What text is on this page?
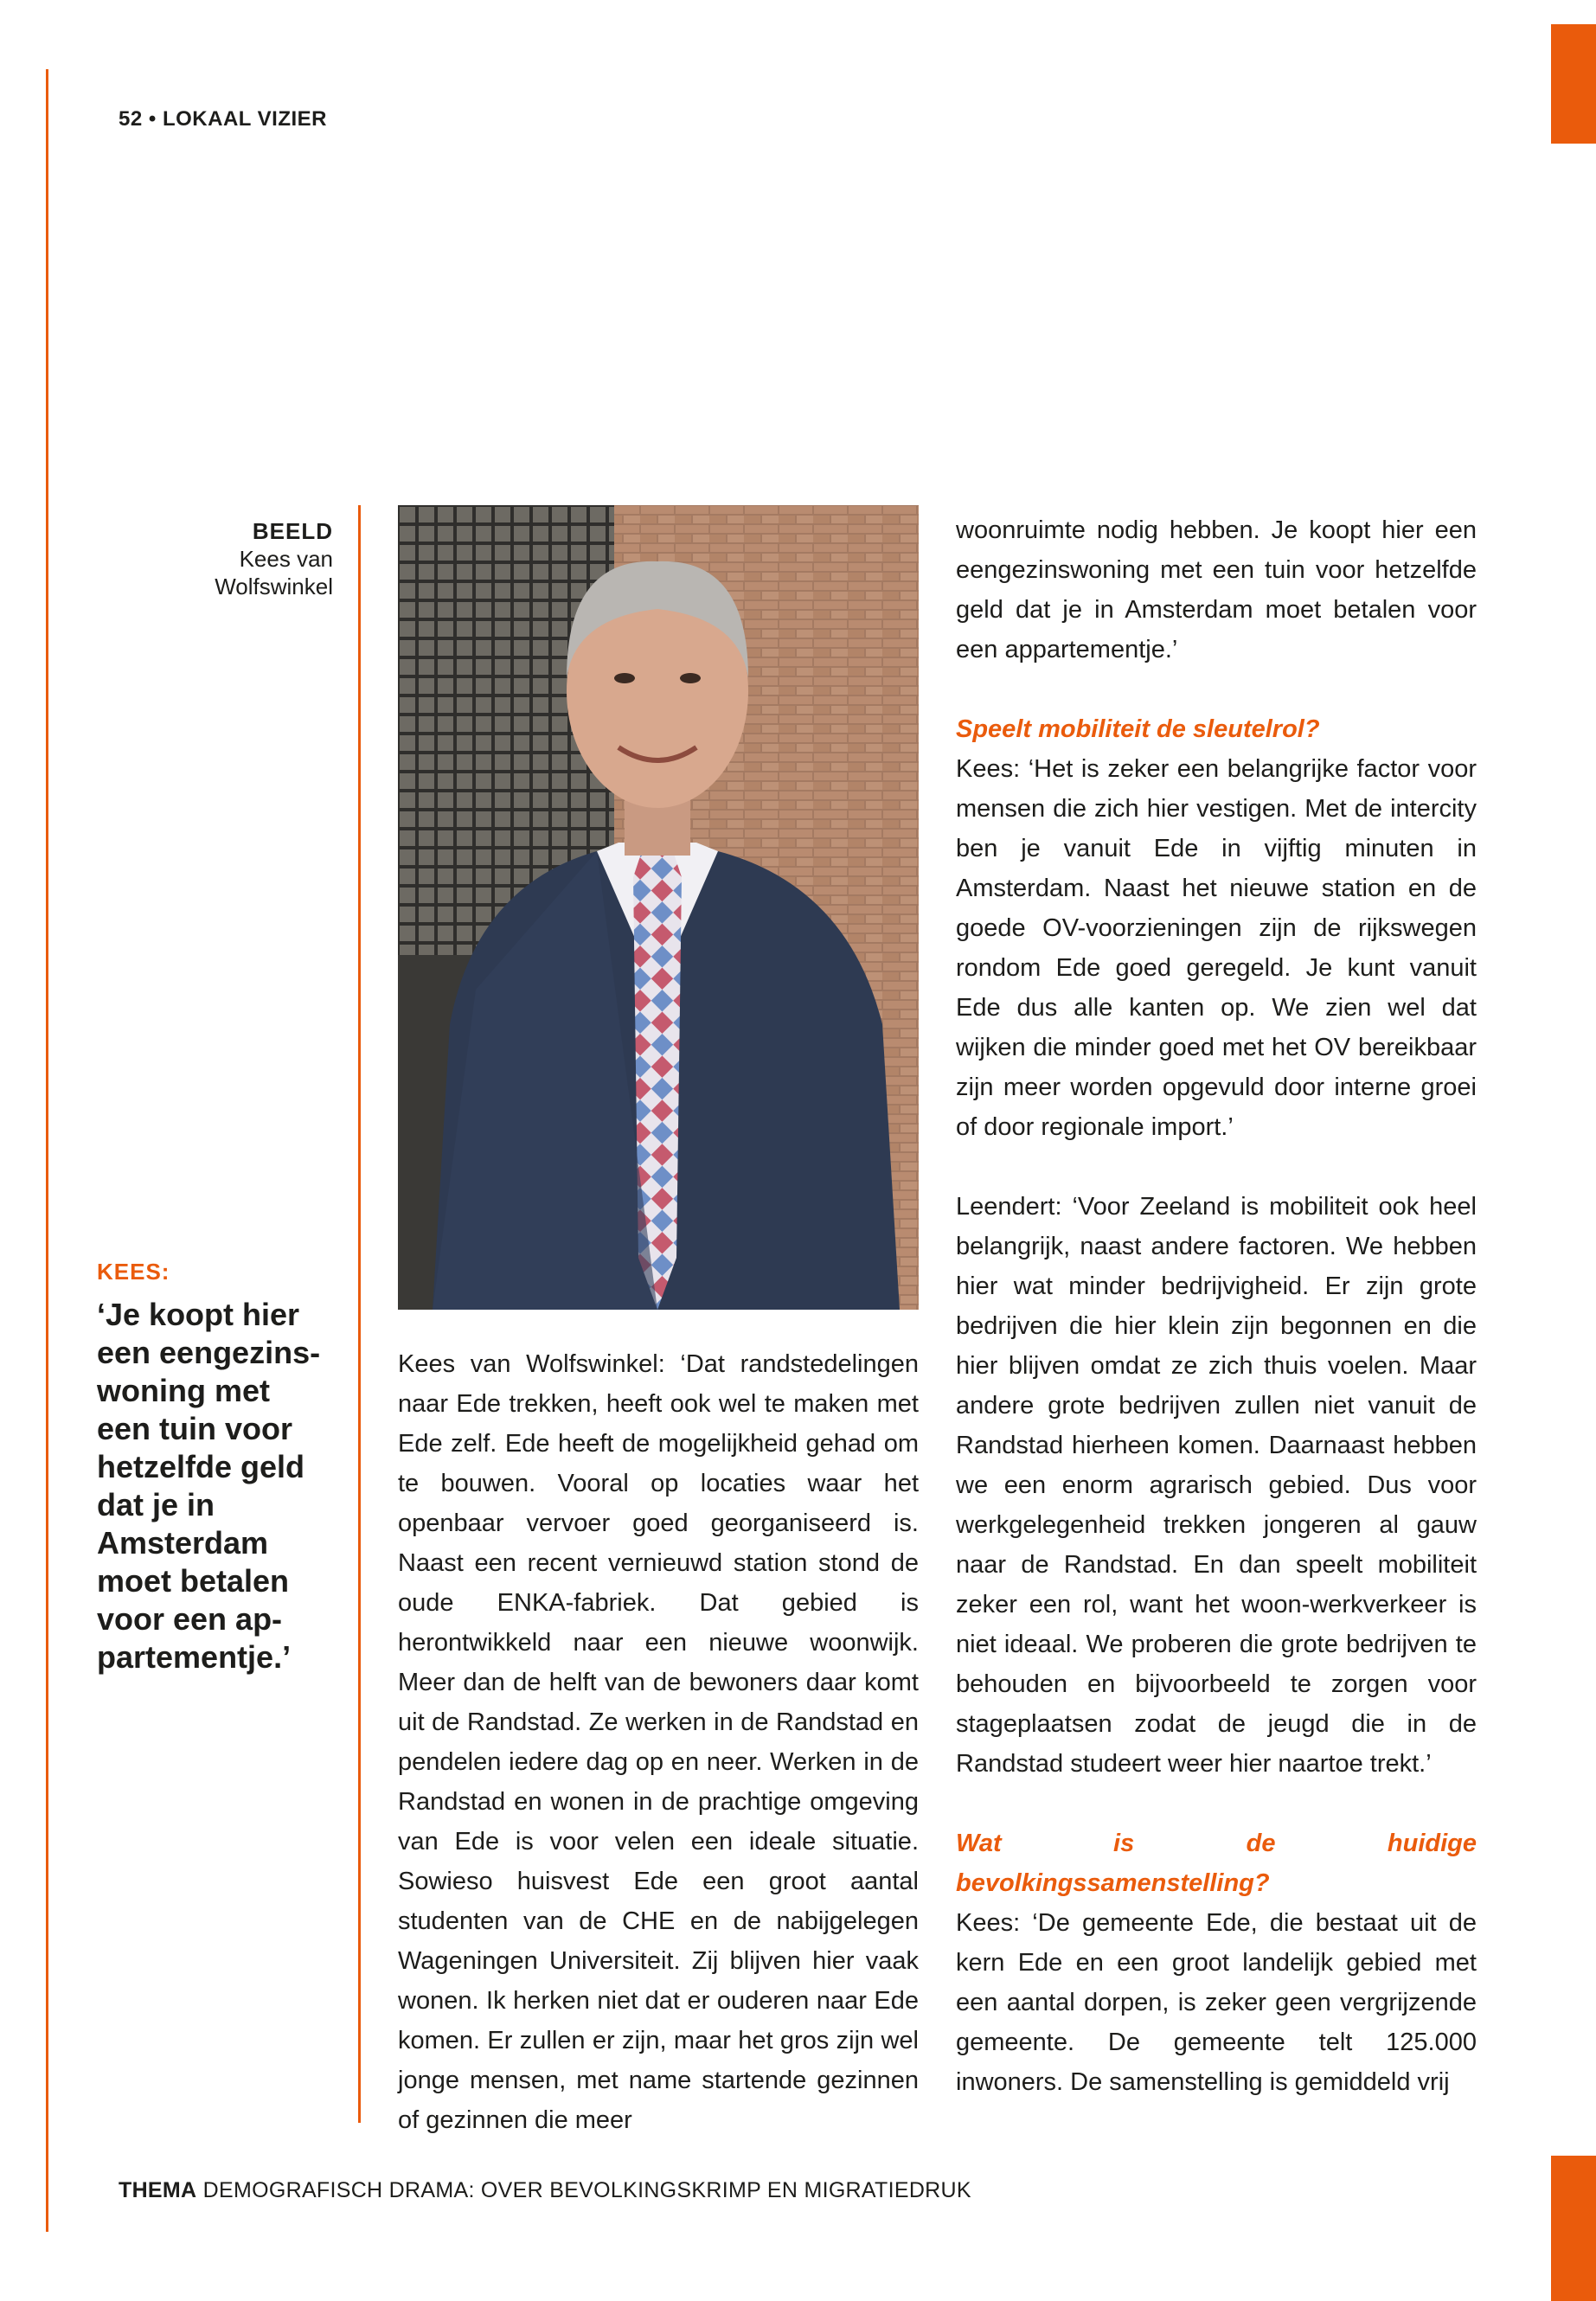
52 • LOKAAL VIZIER
BEELD
Kees van
Wolfswinkel
KEES:
‘Je koopt hier
een eengezins-
woning met
een tuin voor
hetzelfde geld
dat je in
Amsterdam
moet betalen
voor een ap-
partementje.’

Kees van Wolfswinkel: ‘Dat randstedelingen naar Ede trekken, heeft ook wel te maken met Ede zelf. Ede heeft de mogelijkheid gehad om te bouwen. Vooral op locaties waar het openbaar vervoer goed georganiseerd is. Naast een recent vernieuwd station stond de oude ENKA-fabriek. Dat gebied is herontwikkeld naar een nieuwe woonwijk. Meer dan de helft van de bewoners daar komt uit de Randstad. Ze werken in de Randstad en pendelen iedere dag op en neer. Werken in de Randstad en wonen in de prachtige omgeving van Ede is voor velen een ideale situatie. Sowieso huisvest Ede een groot aantal studenten van de CHE en de nabijgelegen Wageningen Universiteit. Zij blijven hier vaak wonen. Ik herken niet dat er ouderen naar Ede komen. Er zullen er zijn, maar het gros zijn wel jonge mensen, met name startende gezinnen of gezinnen die meer

woonruimte nodig hebben. Je koopt hier een eengezinswoning met een tuin voor hetzelfde geld dat je in Amsterdam moet betalen voor een appartementje.’

Speelt mobiliteit de sleutelrol?

Kees: ‘Het is zeker een belangrijke factor voor mensen die zich hier vestigen. Met de intercity ben je vanuit Ede in vijftig minuten in Amsterdam. Naast het nieuwe station en de goede OV-voorzieningen zijn de rijkswegen rondom Ede goed geregeld. Je kunt vanuit Ede dus alle kanten op. We zien wel dat wijken die minder goed met het OV bereikbaar zijn meer worden opgevuld door interne groei of door regionale import.’

Leendert: ‘Voor Zeeland is mobiliteit ook heel belangrijk, naast andere factoren. We hebben hier wat minder bedrijvigheid. Er zijn grote bedrijven die hier klein zijn begonnen en die hier blijven omdat ze zich thuis voelen. Maar andere grote bedrijven zullen niet vanuit de Randstad hierheen komen. Daarnaast hebben we een enorm agrarisch gebied. Dus voor werkgelegenheid trekken jongeren al gauw naar de Randstad. En dan speelt mobiliteit zeker een rol, want het woon-werkverkeer is niet ideaal. We proberen die grote bedrijven te behouden en bijvoorbeeld te zorgen voor stageplaatsen zodat de jeugd die in de Randstad studeert weer hier naartoe trekt.’

Wat is de huidige bevolkingssamenstelling?

Kees: ‘De gemeente Ede, die bestaat uit de kern Ede en een groot landelijk gebied met een aantal dorpen, is zeker geen vergrijzende gemeente. De gemeente telt 125.000 inwoners. De samenstelling is gemiddeld vrij

THEMA DEMOGRAFISCH DRAMA: OVER BEVOLKINGSKRIMP EN MIGRATIEDRUK
